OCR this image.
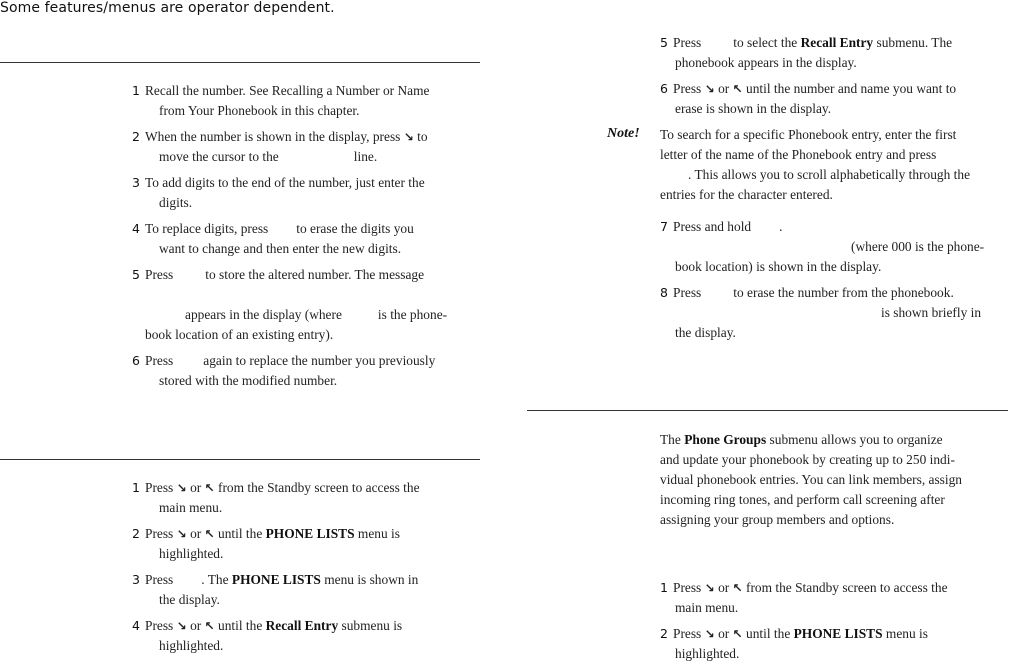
Some features/menus are operator dependent.
1 Recall the number. See Recalling a Number or Name
from Your Phonebook in this chapter.
2 When the number is shown in the display, press ↘ to
move the cursor to the	line.
3 To add digits to the end of the number, just enter the
digits.
4 To replace digits, press to erase the digits you
want to change and then enter the new digits.
5 Press to store the altered number. The message
appears in the display (where	is the phone-
book location of an existing entry).
6 Press again to replace the number you previously
stored with the modified number.
1 Press ↘ or ↖ from the Standby screen to access the
main menu.
2 Press ↘ or ↖ until the PHONE LISTS menu is
highlighted.
3 Press . The PHONE LISTS menu is shown in
the display.
4 Press ↘ or ↖ until the Recall Entry submenu is
highlighted.
5 Press to select the Recall Entry submenu. The
phonebook appears in the display.
6 Press ↘ or ↖ until the number and name you want to
erase is shown in the display.
Note! To search for a specific Phonebook entry, enter the first
letter of the name of the Phonebook entry and press
. This allows you to scroll alphabetically through the
entries for the character entered.
7 Press and hold .
(where 000 is the phone-
book location) is shown in the display.
8 Press to erase the number from the phonebook.
is shown briefly in
the display.
The Phone Groups submenu allows you to organize
and update your phonebook by creating up to 250 indi-
vidual phonebook entries. You can link members, assign
incoming ring tones, and perform call screening after
assigning your group members and options.
1 Press ↘ or ↖ from the Standby screen to access the
main menu.
2 Press ↘ or ↖ until the PHONE LISTS menu is
highlighted.
